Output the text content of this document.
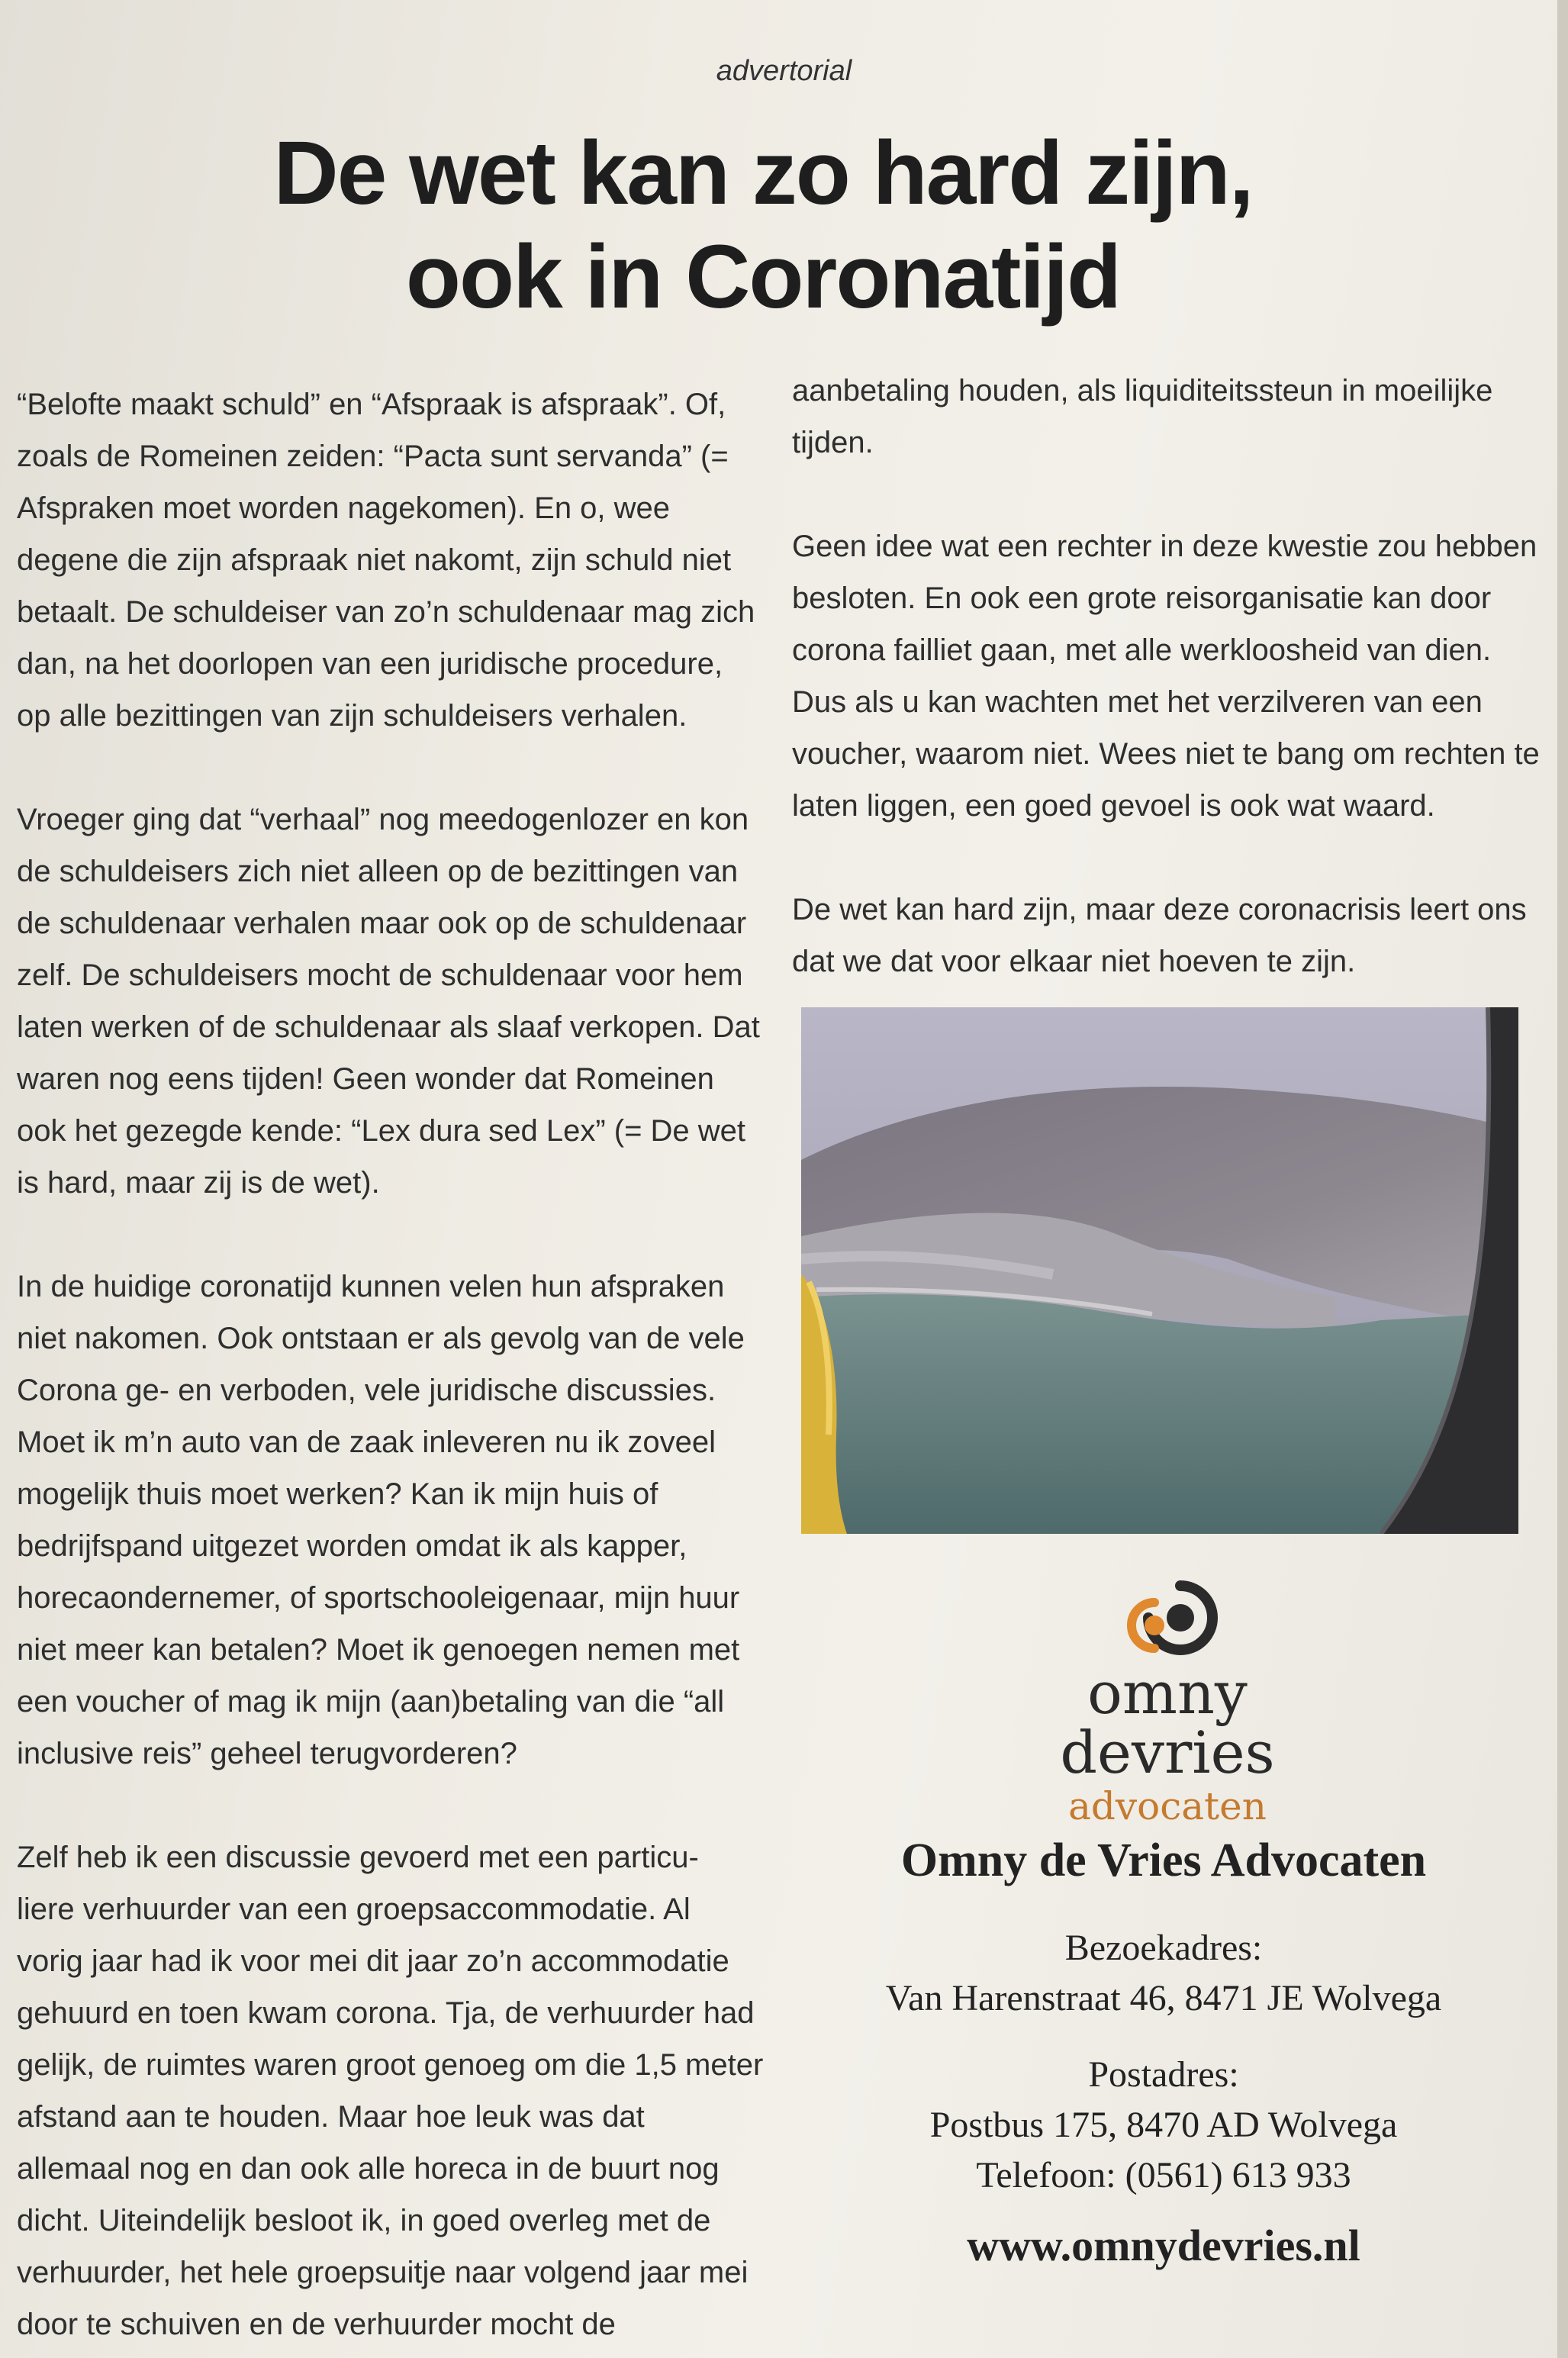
advertorial
De wet kan zo hard zijn,
ook in Coronatijd

“Belofte maakt schuld” en “Afspraak is afspraak”. Of, zoals de Romeinen zeiden: “Pacta sunt servanda” (= Afspraken moet worden nagekomen). En o, wee degene die zijn afspraak niet nakomt, zijn schuld niet betaalt. De schuldeiser van zo’n schuldenaar mag zich dan, na het doorlopen van een juridische procedure, op alle bezittingen van zijn schuldeisers verhalen.

Vroeger ging dat “verhaal” nog meedogenlozer en kon de schuldeisers zich niet alleen op de bezittingen van de schuldenaar verhalen maar ook op de schuldenaar zelf. De schuldeisers mocht de schuldenaar voor hem laten werken of de schuldenaar als slaaf verkopen. Dat waren nog eens tijden! Geen wonder dat Romeinen ook het gezegde kende: “Lex dura sed Lex” (= De wet is hard, maar zij is de wet).

In de huidige coronatijd kunnen velen hun afspraken niet nakomen. Ook ontstaan er als gevolg van de vele Corona ge- en verboden, vele juridische discussies. Moet ik m’n auto van de zaak inleveren nu ik zoveel mogelijk thuis moet werken? Kan ik mijn huis of bedrijfspand uitgezet worden omdat ik als kapper, horecaondernemer, of sportschooleigenaar, mijn huur niet meer kan betalen? Moet ik genoegen nemen met een voucher of mag ik mijn (aan)betaling van die “all inclusive reis” geheel terugvorderen?

Zelf heb ik een discussie gevoerd met een particu- liere verhuurder van een groepsaccommodatie. Al vorig jaar had ik voor mei dit jaar zo’n accommodatie gehuurd en toen kwam corona. Tja, de verhuurder had gelijk, de ruimtes waren groot genoeg om die 1,5 meter afstand aan te houden. Maar hoe leuk was dat allemaal nog en dan ook alle horeca in de buurt nog dicht. Uiteindelijk besloot ik, in goed overleg met de verhuurder, het hele groepsuitje naar volgend jaar mei door te schuiven en de verhuurder mocht de

aanbetaling houden, als liquiditeitssteun in moeilijke tijden.

Geen idee wat een rechter in deze kwestie zou hebben besloten. En ook een grote reisorganisatie kan door corona failliet gaan, met alle werkloosheid van dien. Dus als u kan wachten met het verzilveren van een voucher, waarom niet. Wees niet te bang om rechten te laten liggen, een goed gevoel is ook wat waard.

De wet kan hard zijn, maar deze coronacrisis leert ons dat we dat voor elkaar niet hoeven te zijn.

omny
devries
advocaten
Omny de Vries Advocaten
Bezoekadres:
Van Harenstraat 46, 8471 JE Wolvega
Postadres:
Postbus 175, 8470 AD Wolvega
Telefoon: (0561) 613 933
www.omnydevries.nl
